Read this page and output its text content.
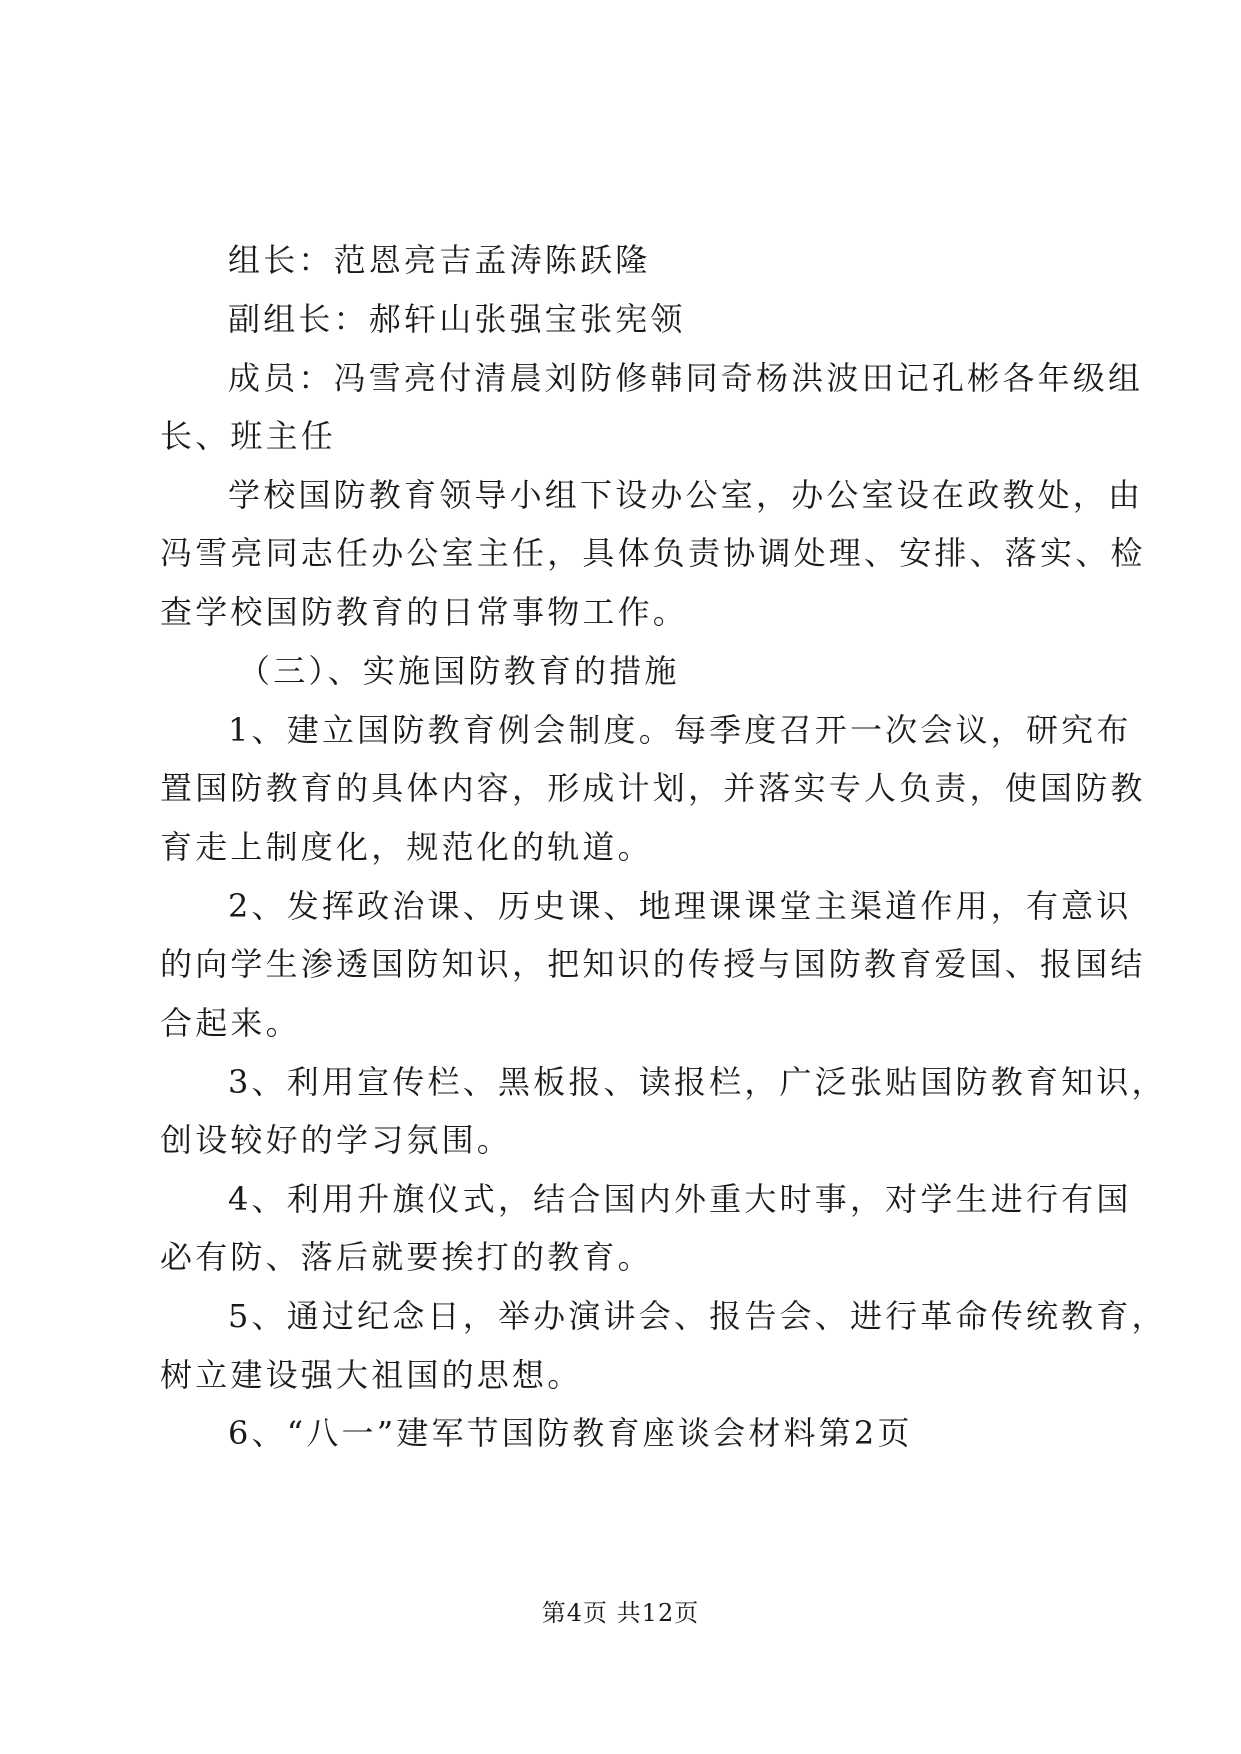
组长：范恩亮吉孟涛陈跃隆
副组长：郝轩山张强宝张宪领
成员：冯雪亮付清晨刘防修韩同奇杨洪波田记孔彬各年级组
长、班主任
学校国防教育领导小组下设办公室，办公室设在政教处，由
冯雪亮同志任办公室主任，具体负责协调处理、安排、落实、检
查学校国防教育的日常事物工作。
（三）、实施国防教育的措施
1、建立国防教育例会制度。每季度召开一次会议，研究布
置国防教育的具体内容，形成计划，并落实专人负责，使国防教
育走上制度化，规范化的轨道。
2、发挥政治课、历史课、地理课课堂主渠道作用，有意识
的向学生渗透国防知识，把知识的传授与国防教育爱国、报国结
合起来。
3、利用宣传栏、黑板报、读报栏，广泛张贴国防教育知识，
创设较好的学习氛围。
4、利用升旗仪式，结合国内外重大时事，对学生进行有国
必有防、落后就要挨打的教育。
5、通过纪念日，举办演讲会、报告会、进行革命传统教育，
树立建设强大祖国的思想。
6、“八一”建军节国防教育座谈会材料第2页
第4页 共12页
